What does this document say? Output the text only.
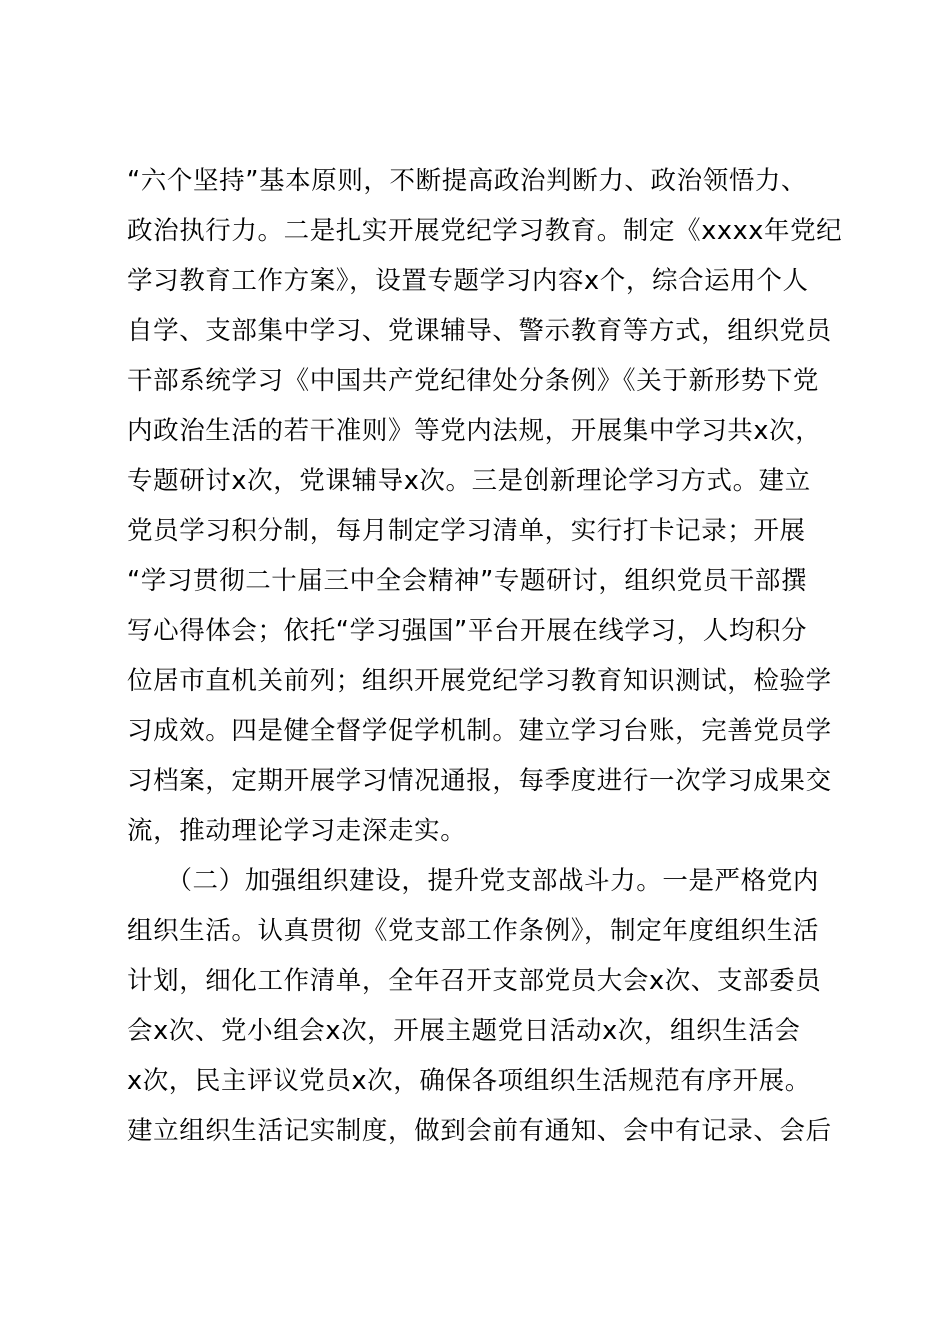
“六个坚持”基本原则，不断提高政治判断力、政治领悟力、
政治执行力。二是扎实开展党纪学习教育。制定《xxxx年党纪
学习教育工作方案》，设置专题学习内容x个，综合运用个人
自学、支部集中学习、党课辅导、警示教育等方式，组织党员
干部系统学习《中国共产党纪律处分条例》《关于新形势下党
内政治生活的若干准则》等党内法规，开展集中学习共x次，
专题研讨x次，党课辅导x次。三是创新理论学习方式。建立
党员学习积分制，每月制定学习清单，实行打卡记录；开展
“学习贯彻二十届三中全会精神”专题研讨，组织党员干部撰
写心得体会；依托“学习强国”平台开展在线学习，人均积分
位居市直机关前列；组织开展党纪学习教育知识测试，检验学
习成效。四是健全督学促学机制。建立学习台账，完善党员学
习档案，定期开展学习情况通报，每季度进行一次学习成果交
流，推动理论学习走深走实。
　　（二）加强组织建设，提升党支部战斗力。一是严格党内
组织生活。认真贯彻《党支部工作条例》，制定年度组织生活
计划，细化工作清单，全年召开支部党员大会x次、支部委员
会x次、党小组会x次，开展主题党日活动x次，组织生活会
x次，民主评议党员x次，确保各项组织生活规范有序开展。
建立组织生活记实制度，做到会前有通知、会中有记录、会后
